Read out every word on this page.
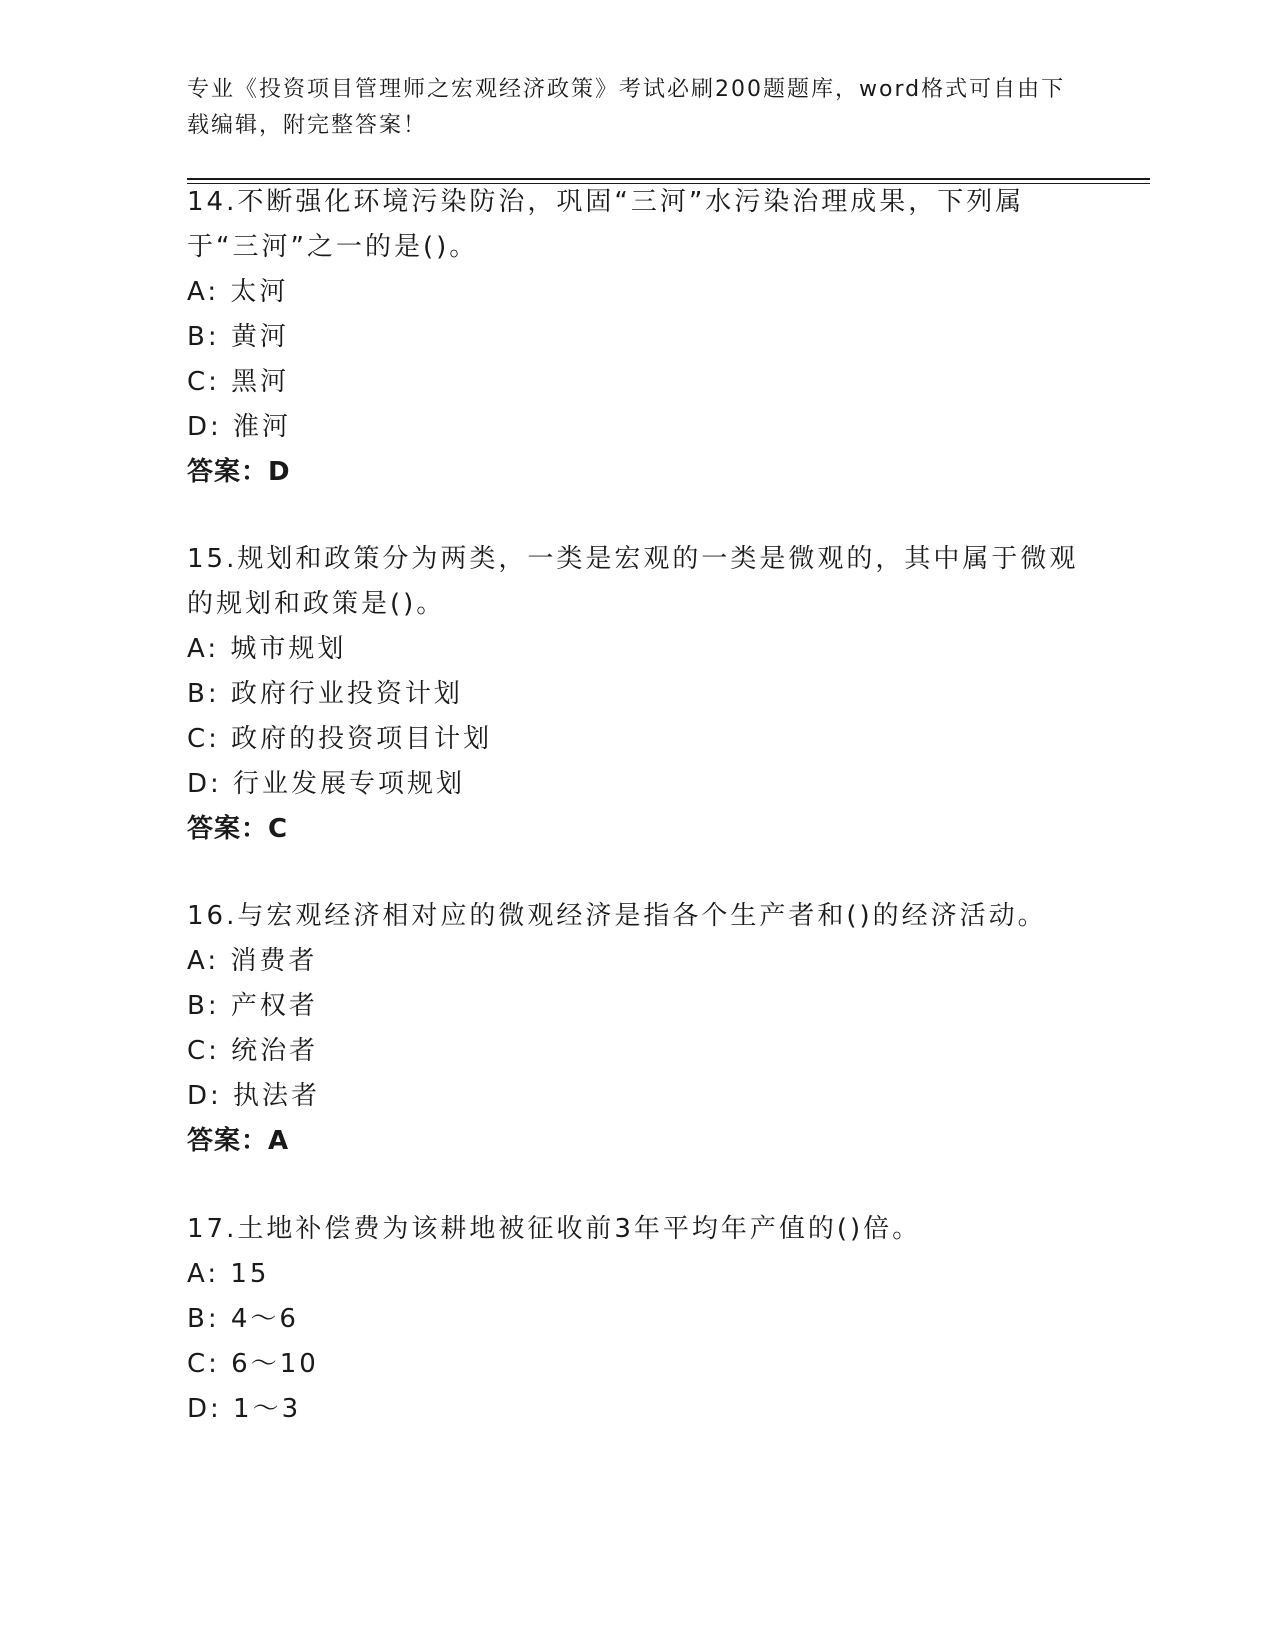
专业《投资项目管理师之宏观经济政策》考试必刷200题题库，word格式可自由下载编辑，附完整答案！
14.不断强化环境污染防治，巩固“三河”水污染治理成果，下列属于“三河”之一的是()。
A: 太河
B: 黄河
C: 黑河
D: 淮河
答案：D
15.规划和政策分为两类，一类是宏观的一类是微观的，其中属于微观的规划和政策是()。
A: 城市规划
B: 政府行业投资计划
C: 政府的投资项目计划
D: 行业发展专项规划
答案：C
16.与宏观经济相对应的微观经济是指各个生产者和()的经济活动。
A: 消费者
B: 产权者
C: 统治者
D: 执法者
答案：A
17.土地补偿费为该耕地被征收前3年平均年产值的()倍。
A: 15
B: 4～6
C: 6～10
D: 1～3
